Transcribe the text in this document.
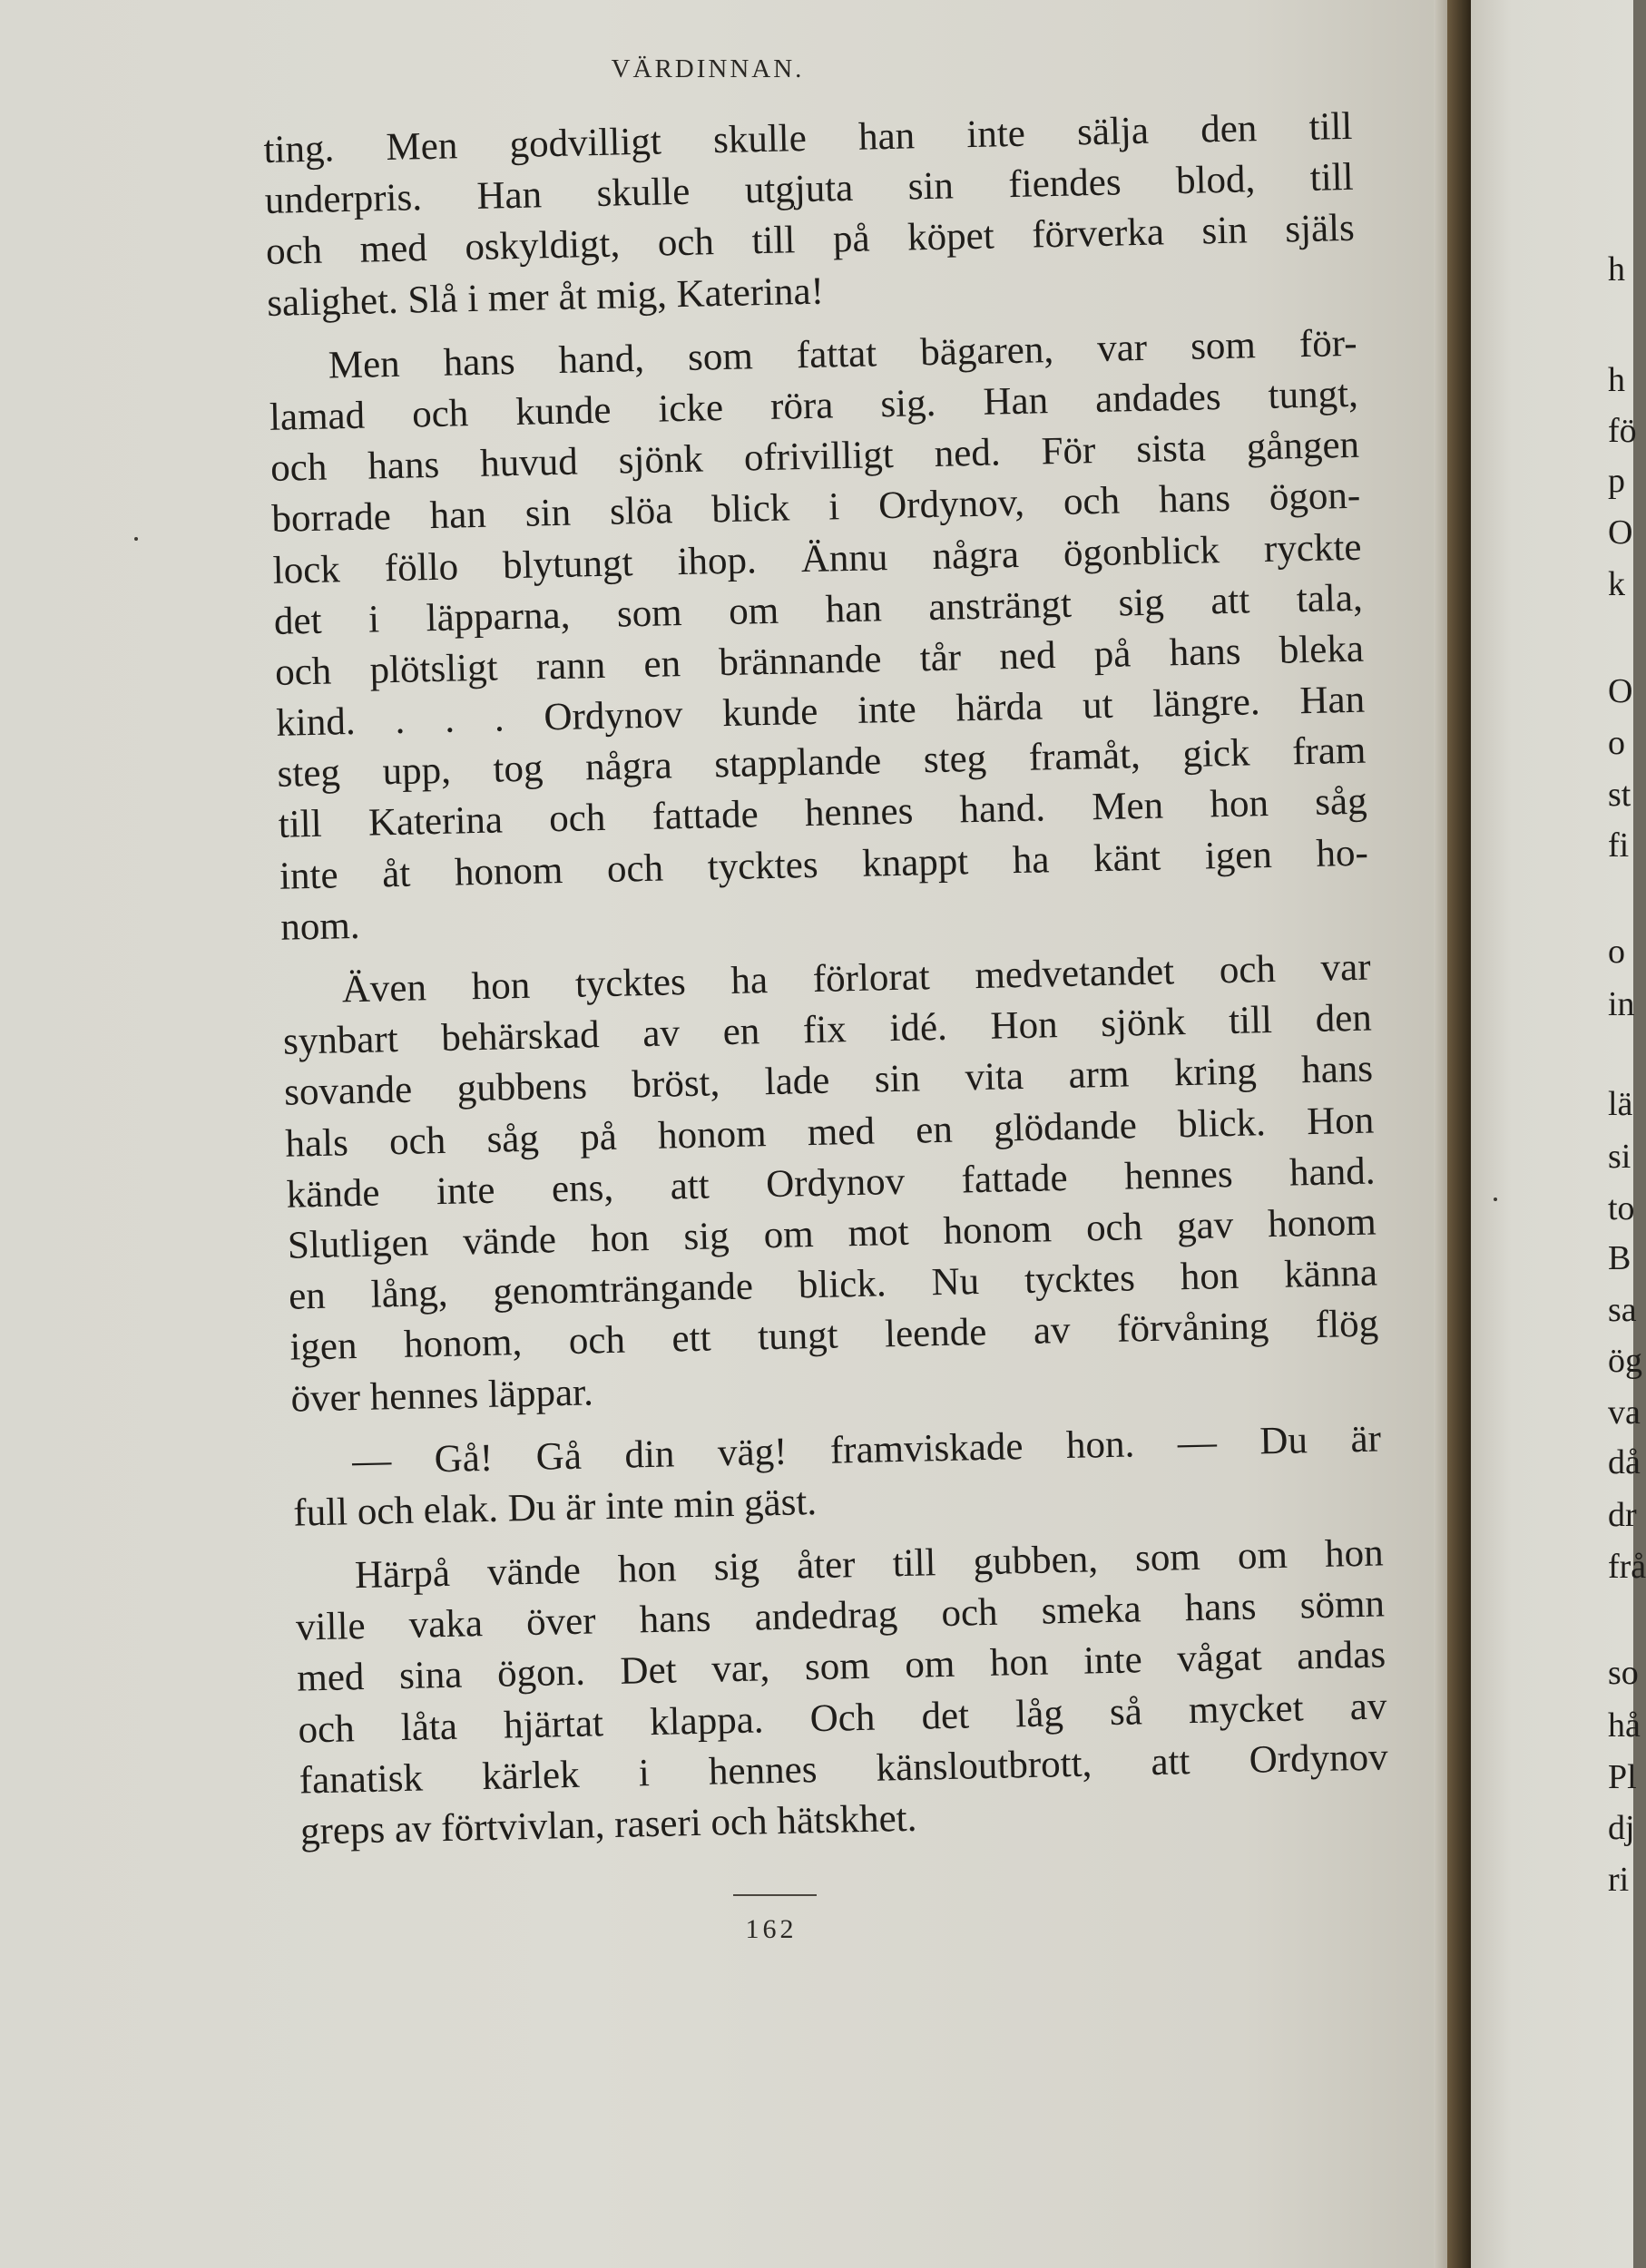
VÄRDINNAN.
ting. Men godvilligt skulle han inte sälja den till
underpris. Han skulle utgjuta sin fiendes blod, till
och med oskyldigt, och till på köpet förverka sin själs
salighet. Slå i mer åt mig, Katerina!
Men hans hand, som fattat bägaren, var som för-
lamad och kunde icke röra sig. Han andades tungt,
och hans huvud sjönk ofrivilligt ned. För sista gången
borrade han sin slöa blick i Ordynov, och hans ögon-
lock föllo blytungt ihop. Ännu några ögonblick ryckte
det i läpparna, som om han ansträngt sig att tala,
och plötsligt rann en brännande tår ned på hans bleka
kind. . . . Ordynov kunde inte härda ut längre. Han
steg upp, tog några stapplande steg framåt, gick fram
till Katerina och fattade hennes hand. Men hon såg
inte åt honom och tycktes knappt ha känt igen ho-
nom.
Även hon tycktes ha förlorat medvetandet och var
synbart behärskad av en fix idé. Hon sjönk till den
sovande gubbens bröst, lade sin vita arm kring hans
hals och såg på honom med en glödande blick. Hon
kände inte ens, att Ordynov fattade hennes hand.
Slutligen vände hon sig om mot honom och gav honom
en lång, genomträngande blick. Nu tycktes hon känna
igen honom, och ett tungt leende av förvåning flög
över hennes läppar.
— Gå! Gå din väg! framviskade hon. — Du är
full och elak. Du är inte min gäst.
Härpå vände hon sig åter till gubben, som om hon
ville vaka över hans andedrag och smeka hans sömn
med sina ögon. Det var, som om hon inte vågat andas
och låta hjärtat klappa. Och det låg så mycket av
fanatisk kärlek i hennes känsloutbrott, att Ordynov
greps av förtvivlan, raseri och hätskhet.
162
h
h
fö
p
O
k
O
o
st
fi
o
in
lä
si
to
B
sa
ög
va
då
dr
frå
so
hå
Pl
dj
ri
